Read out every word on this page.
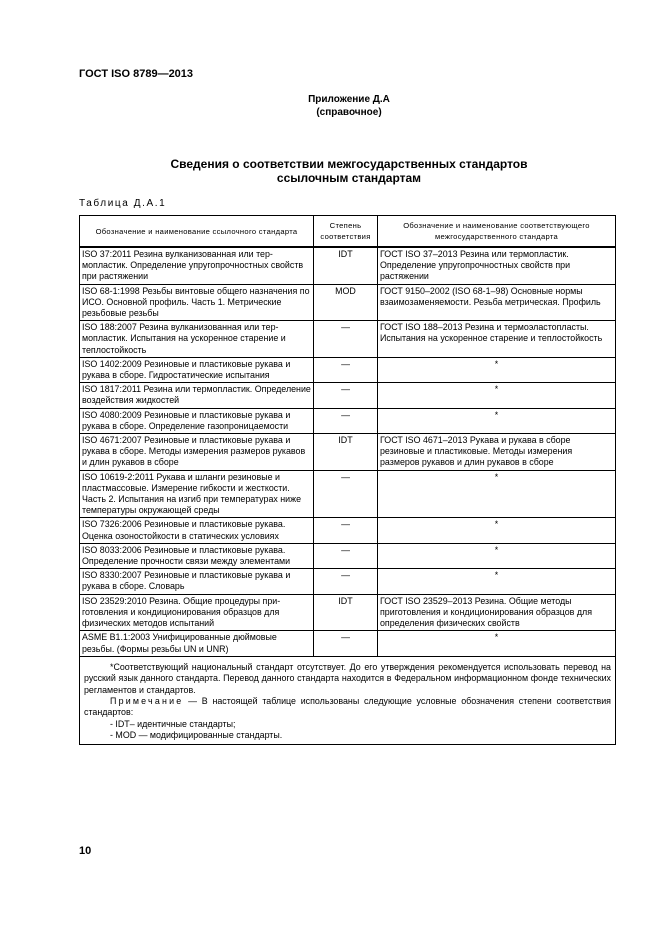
ГОСТ ISO 8789—2013
Приложение Д.А
(справочное)
Сведения о соответствии межгосударственных стандартов
ссылочным стандартам
Таблица Д.А.1
Обозначение и наименование ссылочного стандарта	Степень соответствия	Обозначение и наименование соответствующего межгосударственного стандарта
ISO 37:2011 Резина вулканизованная или термопластик. Определение упругопрочностных свойств при растяжении	IDT	ГОСТ ISO 37–2013 Резина или термопластик. Определение упругопрочностных свойств при растяжении
ISO 68-1:1998 Резьбы винтовые общего назначения по ИСО. Основной профиль. Часть 1. Метрические резьбовые резьбы	MOD	ГОСТ 9150–2002 (ISO 68-1–98) Основные нормы взаимозаменяемости. Резьба метрическая. Профиль
ISO 188:2007 Резина вулканизованная или термопластик. Испытания на ускоренное старение и теплостойкость	—	ГОСТ ISO 188–2013 Резина и термоэластопласты. Испытания на ускоренное старение и теплостойкость
ISO 1402:2009 Резиновые и пластиковые рукава и рукава в сборе. Гидростатические испытания	—	*
ISO 1817:2011 Резина или термопластик. Определение воздействия жидкостей	—	*
ISO 4080:2009 Резиновые и пластиковые рукава и рукава в сборе. Определение газопроницаемости	—	*
ISO 4671:2007 Резиновые и пластиковые рукава и рукава в сборе. Методы измерения размеров рукавов и длин рукавов в сборе	IDT	ГОСТ ISO 4671–2013 Рукава и рукава в сборе резиновые и пластиковые. Методы измерения размеров рукавов и длин рукавов в сборе
ISO 10619-2:2011 Рукава и шланги резиновые и пластмассовые. Измерение гибкости и жесткости. Часть 2. Испытания на изгиб при температурах ниже температуры окружающей среды	—	*
ISO 7326:2006 Резиновые и пластиковые рукава. Оценка озоностойкости в статических условиях	—	*
ISO 8033:2006 Резиновые и пластиковые рукава. Определение прочности связи между элементами	—	*
ISO 8330:2007 Резиновые и пластиковые рукава и рукава в сборе. Словарь	—	*
ISO 23529:2010 Резина. Общие процедуры приготовления и кондиционирования образцов для физических методов испытаний	IDT	ГОСТ ISO 23529–2013 Резина. Общие методы приготовления и кондиционирования образцов для определения физических свойств
ASME B1.1:2003 Унифицированные дюймовые резьбы. (Формы резьбы UN и UNR)	—	*

*Соответствующий национальный стандарт отсутствует. До его утверждения рекомендуется использовать перевод на русский язык данного стандарта. Перевод данного стандарта находится в Федеральном информационном фонде технических регламентов и стандартов.
Примечание — В настоящей таблице использованы следующие условные обозначения степени соответствия стандартов:
- IDT– идентичные стандарты;
- MOD — модифицированные стандарты.		
10
